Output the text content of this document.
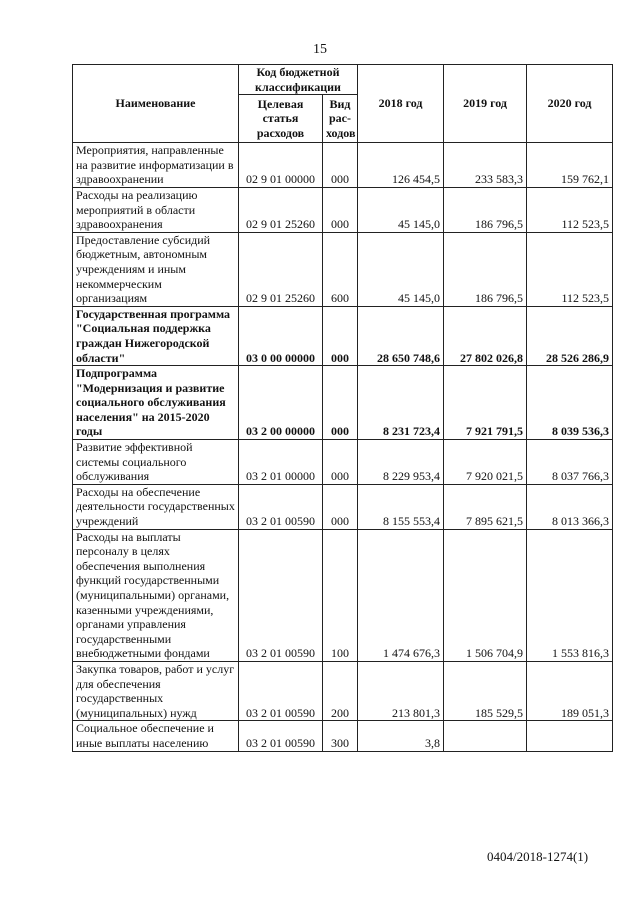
15
Наименование	Код бюджетной классификации		2018 год	2019 год	2020 год
	Целевая статья расходов	Вид рас-ходов			
Мероприятия, направленные на развитие информатизации в здравоохранении	02 9 01 00000	000	126 454,5	233 583,3	159 762,1
Расходы на реализацию мероприятий в области здравоохранения	02 9 01 25260	000	45 145,0	186 796,5	112 523,5
Предоставление субсидий бюджетным, автономным учреждениям и иным некоммерческим организациям	02 9 01 25260	600	45 145,0	186 796,5	112 523,5
Государственная программа "Социальная поддержка граждан Нижегородской области"	03 0 00 00000	000	28 650 748,6	27 802 026,8	28 526 286,9
Подпрограмма "Модернизация и развитие социального обслуживания населения" на 2015-2020 годы	03 2 00 00000	000	8 231 723,4	7 921 791,5	8 039 536,3
Развитие эффективной системы социального обслуживания	03 2 01 00000	000	8 229 953,4	7 920 021,5	8 037 766,3
Расходы на обеспечение деятельности государственных учреждений	03 2 01 00590	000	8 155 553,4	7 895 621,5	8 013 366,3
Расходы на выплаты персоналу в целях обеспечения выполнения функций государственными (муниципальными) органами, казенными учреждениями, органами управления государственными внебюджетными фондами	03 2 01 00590	100	1 474 676,3	1 506 704,9	1 553 816,3
Закупка товаров, работ и услуг для обеспечения государственных (муниципальных) нужд	03 2 01 00590	200	213 801,3	185 529,5	189 051,3
Социальное обеспечение и иные выплаты населению	03 2 01 00590	300	3,8		
0404/2018-1274(1)
